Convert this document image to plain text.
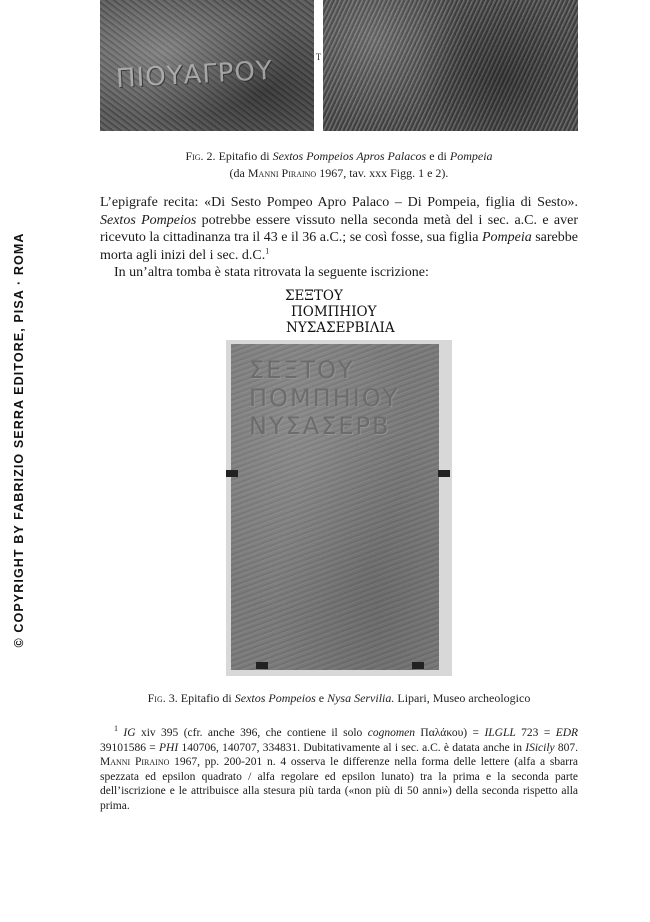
© COPYRIGHT BY FABRIZIO SERRA EDITORE, PISA · ROMA
ΠΙΟΥΑΓΡΟΥ	T
Fig. 2. Epitafio di Sextos Pompeios Apros Palacos e di Pompeia
(da Manni Piraino 1967, tav. xxx Figg. 1 e 2).

L’epigrafe recita: «Di Sesto Pompeo Apro Palaco – Di Pompeia, figlia di Sesto». Sextos Pompeios potrebbe essere vissuto nella seconda metà del i sec. a.C. e aver ricevuto la cittadinanza tra il 43 e il 36 a.C.; se così fosse, sua figlia Pompeia sarebbe morta agli inizi del i sec. d.C.$^1$

In un’altra tomba è stata ritrovata la seguente iscrizione:

ΣΕΞΤΟΥ
ΠΟΜΠΗΙΟΥ
ΝΥΣΑΣΕΡΒΙΛΙΑ
ΣΕΞΤΟΥ
ΠΟΜΠΗΙΟΥ
ΝΥΣΑΣΕΡΒ
Fig. 3. Epitafio di Sextos Pompeios e Nysa Servilia. Lipari, Museo archeologico

$^1$ IG xiv 395 (cfr. anche 396, che contiene il solo cognomen Παλάκου) = ILGLL 723 = EDR 39101586 = PHI 140706, 140707, 334831. Dubitativamente al i sec. a.C. è datata anche in ISicily 807. Manni Piraino 1967, pp. 200-201 n. 4 osserva le differenze nella forma delle lettere (alfa a sbarra spezzata ed epsilon quadrato / alfa regolare ed epsilon lunato) tra la prima e la seconda parte dell’iscrizione e le attribuisce alla stesura più tarda («non più di 50 anni») della seconda rispetto alla prima.
